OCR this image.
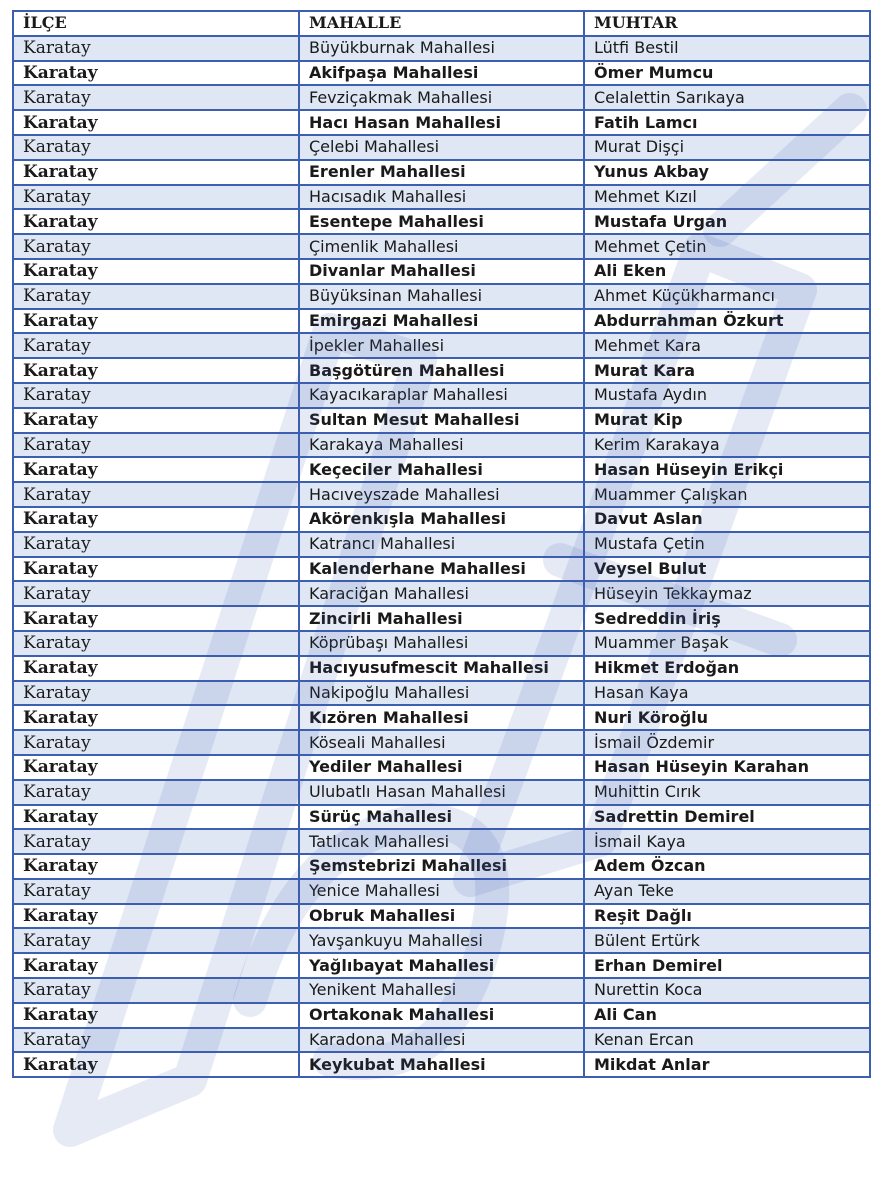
İLÇE	MAHALLE	MUHTAR
Karatay	Büyükburnak Mahallesi	Lütfi Bestil
Karatay	Akifpaşa Mahallesi	Ömer Mumcu
Karatay	Fevziçakmak Mahallesi	Celalettin Sarıkaya
Karatay	Hacı Hasan Mahallesi	Fatih Lamcı
Karatay	Çelebi Mahallesi	Murat Dişçi
Karatay	Erenler Mahallesi	Yunus Akbay
Karatay	Hacısadık Mahallesi	Mehmet Kızıl
Karatay	Esentepe Mahallesi	Mustafa Urgan
Karatay	Çimenlik Mahallesi	Mehmet Çetin
Karatay	Divanlar Mahallesi	Ali Eken
Karatay	Büyüksinan Mahallesi	Ahmet Küçükharmancı
Karatay	Emirgazi Mahallesi	Abdurrahman Özkurt
Karatay	İpekler Mahallesi	Mehmet Kara
Karatay	Başgötüren Mahallesi	Murat Kara
Karatay	Kayacıkaraplar Mahallesi	Mustafa Aydın
Karatay	Sultan Mesut Mahallesi	Murat Kip
Karatay	Karakaya Mahallesi	Kerim Karakaya
Karatay	Keçeciler Mahallesi	Hasan Hüseyin Erikçi
Karatay	Hacıveyszade Mahallesi	Muammer Çalışkan
Karatay	Akörenkışla Mahallesi	Davut Aslan
Karatay	Katrancı Mahallesi	Mustafa Çetin
Karatay	Kalenderhane Mahallesi	Veysel Bulut
Karatay	Karaciğan Mahallesi	Hüseyin Tekkaymaz
Karatay	Zincirli Mahallesi	Sedreddin İriş
Karatay	Köprübaşı Mahallesi	Muammer Başak
Karatay	Hacıyusufmescit Mahallesi	Hikmet Erdoğan
Karatay	Nakipoğlu Mahallesi	Hasan Kaya
Karatay	Kızören Mahallesi	Nuri Köroğlu
Karatay	Köseali Mahallesi	İsmail Özdemir
Karatay	Yediler Mahallesi	Hasan Hüseyin Karahan
Karatay	Ulubatlı Hasan Mahallesi	Muhittin Cırık
Karatay	Sürüç Mahallesi	Sadrettin Demirel
Karatay	Tatlıcak Mahallesi	İsmail Kaya
Karatay	Şemstebrizi Mahallesi	Adem Özcan
Karatay	Yenice Mahallesi	Ayan Teke
Karatay	Obruk Mahallesi	Reşit Dağlı
Karatay	Yavşankuyu Mahallesi	Bülent Ertürk
Karatay	Yağlıbayat Mahallesi	Erhan Demirel
Karatay	Yenikent Mahallesi	Nurettin Koca
Karatay	Ortakonak Mahallesi	Ali Can
Karatay	Karadona Mahallesi	Kenan Ercan
Karatay	Keykubat Mahallesi	Mikdat Anlar
